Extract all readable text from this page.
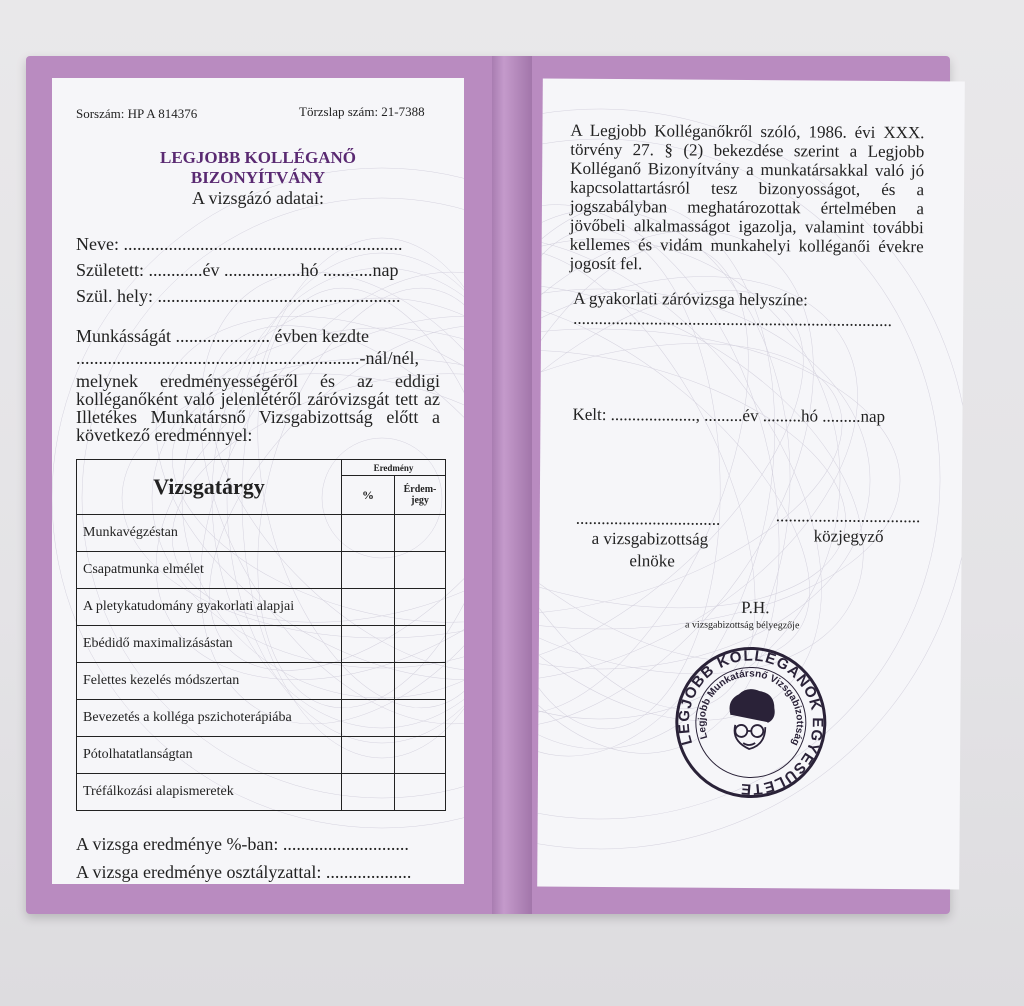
Sorszám: HP A 814376	Törzslap szám: 21-7388
LEGJOBB KOLLÉGANŐ
BIZONYÍTVÁNY
A vizsgázó adatai:
Neve: ..............................................................
Született: ............év .................hó ...........nap
Szül. hely: ......................................................
Munkásságát ..................... évben kezdte
...............................................................-nál/nél,
melynek eredményességéről és az eddigi kolléganőként való jelenlétéről záróvizsgát tett az Illetékes Munkatársnő Vizsgabizottság előtt a következő eredménnyel:
Vizsgatárgy	Eredmény	
	%	Érdem-
jegy
Munkavégzéstan		
Csapatmunka elmélet		
A pletykatudomány gyakorlati alapjai		
Ebédidő maximalizásástan		
Felettes kezelés módszertan		
Bevezetés a kolléga pszichoterápiába		
Pótolhatatlanságtan		
Tréfálkozási alapismeretek		
A vizsga eredménye %-ban: ............................
A vizsga eredménye osztályzattal: ...................
A Legjobb Kolléganőkről szóló, 1986. évi XXX. törvény 27. § (2) bekezdése szerint a Legjobb Kolléganő Bizonyítvány a munkatársakkal való jó kapcsolattartásról tesz bizonyosságot, és a jogszabályban meghatározottak értelmében a jövőbeli alkalmasságot igazolja, valamint további kellemes és vidám munkahelyi kolléganői évekre jogosít fel.
A gyakorlati záróvizsga helyszíne:
...........................................................................
Kelt: ...................., .........év .........hó .........nap
..................................	..................................
a vizsgabizottság
elnöke
közjegyző
P.H.
a vizsgabizottság bélyegzője
LEGJOBB KOLLÉGANŐK EGYESÜLETE
Legjobb Munkatársnő Vizsgabizottság
